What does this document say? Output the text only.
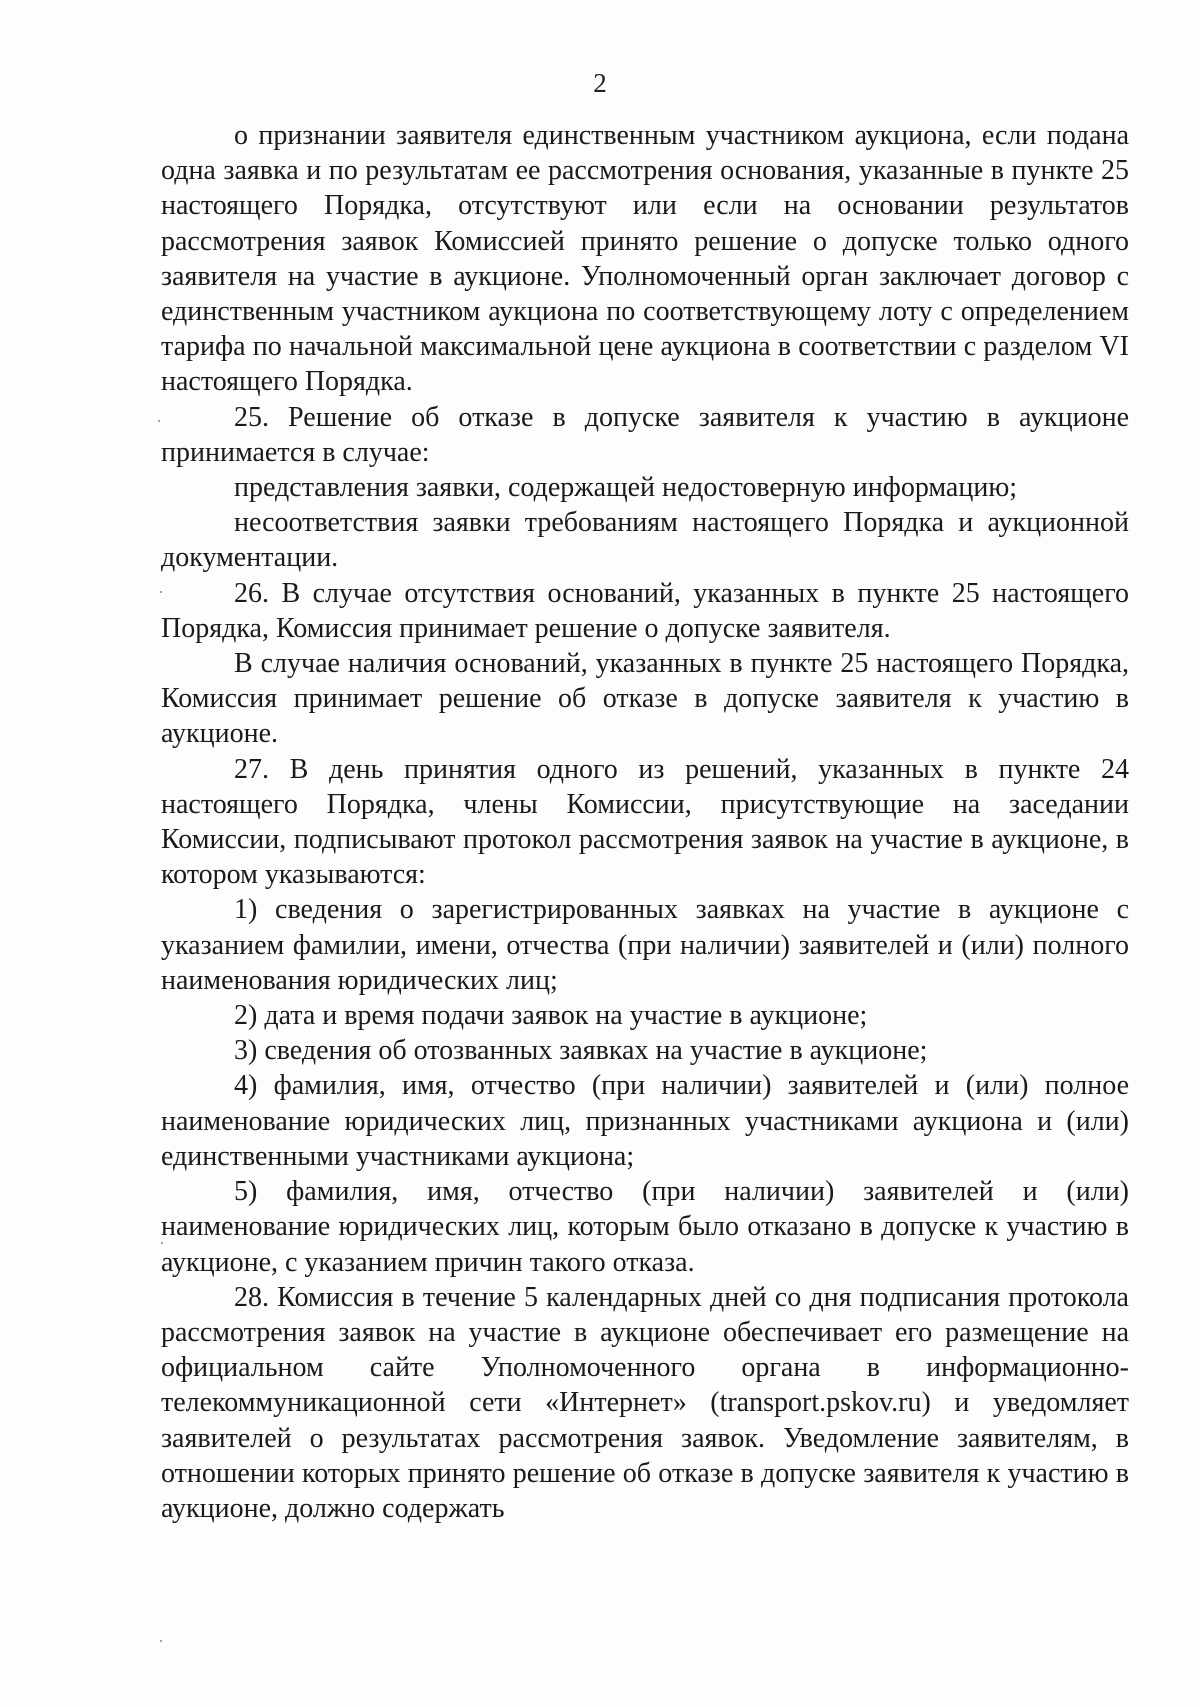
2

о признании заявителя единственным участником аукциона, если подана одна заявка и по результатам ее рассмотрения основания, указанные в пункте 25 настоящего Порядка, отсутствуют или если на основании результатов рассмотрения заявок Комиссией принято решение о допуске только одного заявителя на участие в аукционе. Уполномоченный орган заключает договор с единственным участником аукциона по соответствующему лоту с определением тарифа по начальной максимальной цене аукциона в соответствии с разделом VI настоящего Порядка.

25. Решение об отказе в допуске заявителя к участию в аукционе принимается в случае:

представления заявки, содержащей недостоверную информацию;

несоответствия заявки требованиям настоящего Порядка и аукционной документации.

26. В случае отсутствия оснований, указанных в пункте 25 настоящего Порядка, Комиссия принимает решение о допуске заявителя.

В случае наличия оснований, указанных в пункте 25 настоящего Порядка, Комиссия принимает решение об отказе в допуске заявителя к участию в аукционе.

27. В день принятия одного из решений, указанных в пункте 24 настоящего Порядка, члены Комиссии, присутствующие на заседании Комиссии, подписывают протокол рассмотрения заявок на участие в аукционе, в котором указываются:

1) сведения о зарегистрированных заявках на участие в аукционе с указанием фамилии, имени, отчества (при наличии) заявителей и (или) полного наименования юридических лиц;

2) дата и время подачи заявок на участие в аукционе;

3) сведения об отозванных заявках на участие в аукционе;

4) фамилия, имя, отчество (при наличии) заявителей и (или) полное наименование юридических лиц, признанных участниками аукциона и (или) единственными участниками аукциона;

5) фамилия, имя, отчество (при наличии) заявителей и (или) наименование юридических лиц, которым было отказано в допуске к участию в аукционе, с указанием причин такого отказа.

28. Комиссия в течение 5 календарных дней со дня подписания протокола рассмотрения заявок на участие в аукционе обеспечивает его размещение на официальном сайте Уполномоченного органа в информационно-телекоммуникационной сети «Интернет» (transport.pskov.ru) и уведомляет заявителей о результатах рассмотрения заявок. Уведомление заявителям, в отношении которых принято решение об отказе в допуске заявителя к участию в аукционе, должно содержать
